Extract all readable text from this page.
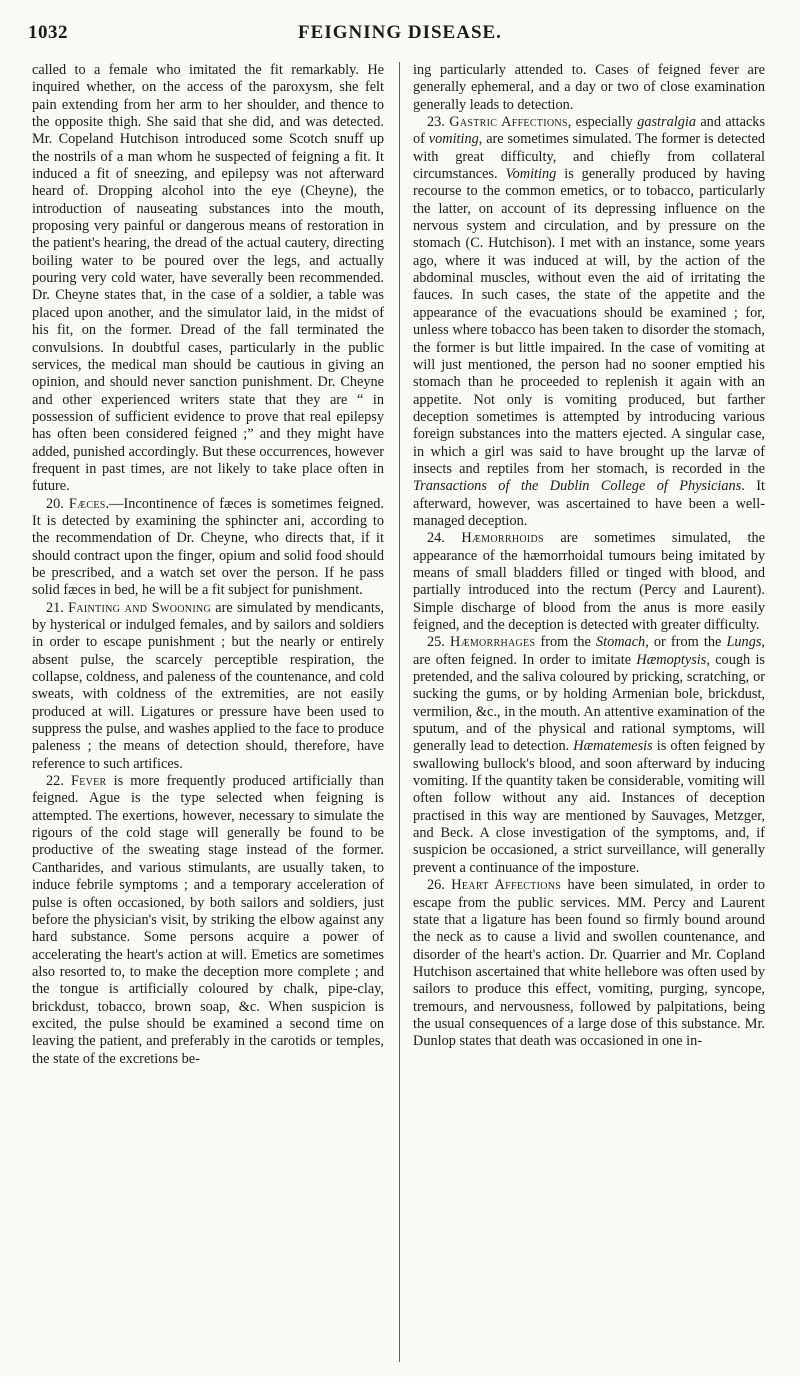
1032	FEIGNING DISEASE.

called to a female who imitated the fit remarkably. He inquired whether, on the access of the paroxysm, she felt pain extending from her arm to her shoulder, and thence to the opposite thigh. She said that she did, and was detected. Mr. Copeland Hutchison introduced some Scotch snuff up the nostrils of a man whom he suspected of feigning a fit. It induced a fit of sneezing, and epilepsy was not afterward heard of. Dropping alcohol into the eye (Cheyne), the introduction of nauseating substances into the mouth, proposing very painful or dangerous means of restoration in the patient's hearing, the dread of the actual cautery, directing boiling water to be poured over the legs, and actually pouring very cold water, have severally been recommended. Dr. Cheyne states that, in the case of a soldier, a table was placed upon another, and the simulator laid, in the midst of his fit, on the former. Dread of the fall terminated the convulsions. In doubtful cases, particularly in the public services, the medical man should be cautious in giving an opinion, and should never sanction punishment. Dr. Cheyne and other experienced writers state that they are “ in possession of sufficient evidence to prove that real epilepsy has often been considered feigned ;” and they might have added, punished accordingly. But these occurrences, however frequent in past times, are not likely to take place often in future.

20. Fæces.—Incontinence of fæces is sometimes feigned. It is detected by examining the sphincter ani, according to the recommendation of Dr. Cheyne, who directs that, if it should contract upon the finger, opium and solid food should be prescribed, and a watch set over the person. If he pass solid fæces in bed, he will be a fit subject for punishment.

21. Fainting and Swooning are simulated by mendicants, by hysterical or indulged females, and by sailors and soldiers in order to escape punishment ; but the nearly or entirely absent pulse, the scarcely perceptible respiration, the collapse, coldness, and paleness of the countenance, and cold sweats, with coldness of the extremities, are not easily produced at will. Ligatures or pressure have been used to suppress the pulse, and washes applied to the face to produce paleness ; the means of detection should, therefore, have reference to such artifices.

22. Fever is more frequently produced artificially than feigned. Ague is the type selected when feigning is attempted. The exertions, however, necessary to simulate the rigours of the cold stage will generally be found to be productive of the sweating stage instead of the former. Cantharides, and various stimulants, are usually taken, to induce febrile symptoms ; and a temporary acceleration of pulse is often occasioned, by both sailors and soldiers, just before the physician's visit, by striking the elbow against any hard substance. Some persons acquire a power of accelerating the heart's action at will. Emetics are sometimes also resorted to, to make the deception more complete ; and the tongue is artificially coloured by chalk, pipe-clay, brickdust, tobacco, brown soap, &c. When suspicion is excited, the pulse should be examined a second time on leaving the patient, and preferably in the carotids or temples, the state of the excretions be-

ing particularly attended to. Cases of feigned fever are generally ephemeral, and a day or two of close examination generally leads to detection.

23. Gastric Affections, especially gastralgia and attacks of vomiting, are sometimes simulated. The former is detected with great difficulty, and chiefly from collateral circumstances. Vomiting is generally produced by having recourse to the common emetics, or to tobacco, particularly the latter, on account of its depressing influence on the nervous system and circulation, and by pressure on the stomach (C. Hutchison). I met with an instance, some years ago, where it was induced at will, by the action of the abdominal muscles, without even the aid of irritating the fauces. In such cases, the state of the appetite and the appearance of the evacuations should be examined ; for, unless where tobacco has been taken to disorder the stomach, the former is but little impaired. In the case of vomiting at will just mentioned, the person had no sooner emptied his stomach than he proceeded to replenish it again with an appetite. Not only is vomiting produced, but farther deception sometimes is attempted by introducing various foreign substances into the matters ejected. A singular case, in which a girl was said to have brought up the larvæ of insects and reptiles from her stomach, is recorded in the Transactions of the Dublin College of Physicians. It afterward, however, was ascertained to have been a well-managed deception.

24. Hæmorrhoids are sometimes simulated, the appearance of the hæmorrhoidal tumours being imitated by means of small bladders filled or tinged with blood, and partially introduced into the rectum (Percy and Laurent). Simple discharge of blood from the anus is more easily feigned, and the deception is detected with greater difficulty.

25. Hæmorrhages from the Stomach, or from the Lungs, are often feigned. In order to imitate Hæmoptysis, cough is pretended, and the saliva coloured by pricking, scratching, or sucking the gums, or by holding Armenian bole, brickdust, vermilion, &c., in the mouth. An attentive examination of the sputum, and of the physical and rational symptoms, will generally lead to detection. Hæmatemesis is often feigned by swallowing bullock's blood, and soon afterward by inducing vomiting. If the quantity taken be considerable, vomiting will often follow without any aid. Instances of deception practised in this way are mentioned by Sauvages, Metzger, and Beck. A close investigation of the symptoms, and, if suspicion be occasioned, a strict surveillance, will generally prevent a continuance of the imposture.

26. Heart Affections have been simulated, in order to escape from the public services. MM. Percy and Laurent state that a ligature has been found so firmly bound around the neck as to cause a livid and swollen countenance, and disorder of the heart's action. Dr. Quarrier and Mr. Copland Hutchison ascertained that white hellebore was often used by sailors to produce this effect, vomiting, purging, syncope, tremours, and nervousness, followed by palpitations, being the usual consequences of a large dose of this substance. Mr. Dunlop states that death was occasioned in one in-
